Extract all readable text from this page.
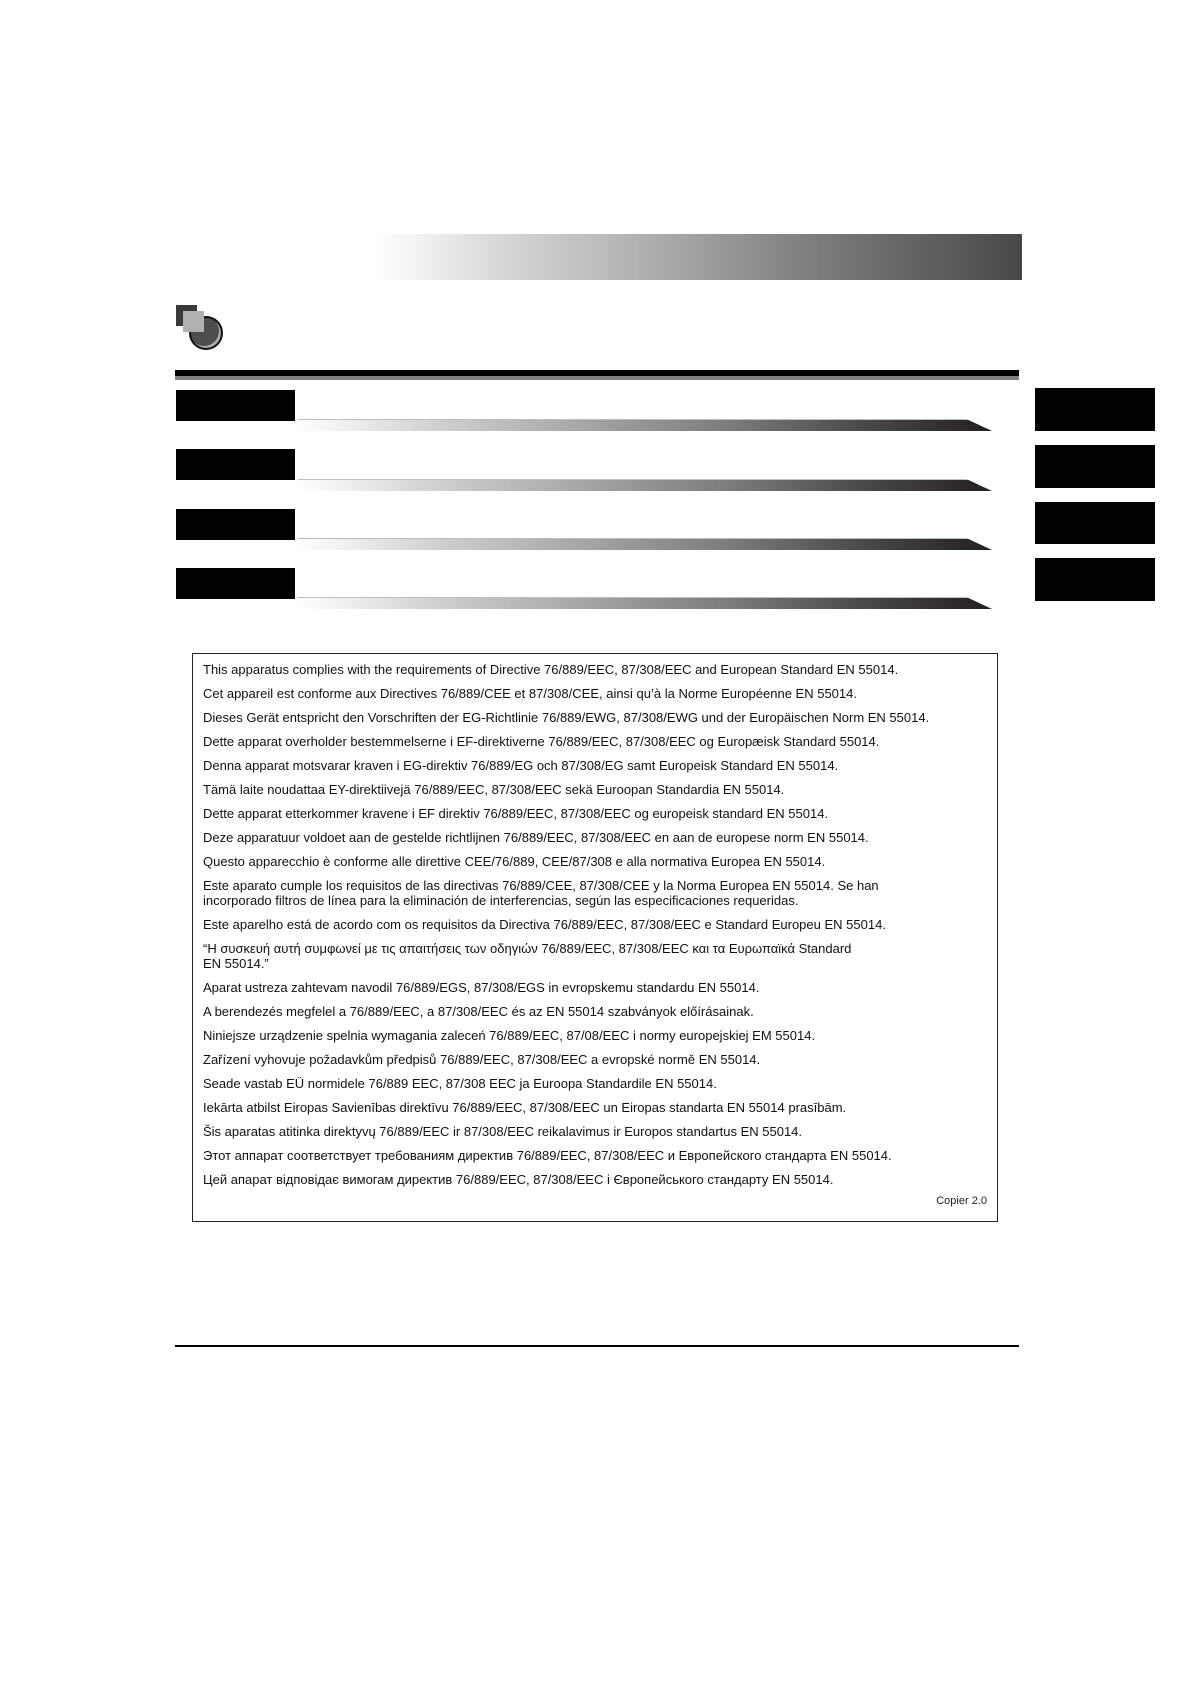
This apparatus complies with the requirements of Directive 76/889/EEC, 87/308/EEC and European Standard EN 55014.

Cet appareil est conforme aux Directives 76/889/CEE et 87/308/CEE, ainsi qu’à la Norme Européenne EN 55014.

Dieses Gerät entspricht den Vorschriften der EG-Richtlinie 76/889/EWG, 87/308/EWG und der Europäischen Norm EN 55014.

Dette apparat overholder bestemmelserne i EF-direktiverne 76/889/EEC, 87/308/EEC og Europæisk Standard 55014.

Denna apparat motsvarar kraven i EG-direktiv 76/889/EG och 87/308/EG samt Europeisk Standard EN 55014.

Tämä laite noudattaa EY-direktiivejä 76/889/EEC, 87/308/EEC sekä Euroopan Standardia EN 55014.

Dette apparat etterkommer kravene i EF direktiv 76/889/EEC, 87/308/EEC og europeisk standard EN 55014.

Deze apparatuur voldoet aan de gestelde richtlijnen 76/889/EEC, 87/308/EEC en aan de europese norm EN 55014.

Questo apparecchio è conforme alle direttive CEE/76/889, CEE/87/308 e alla normativa Europea EN 55014.

Este aparato cumple los requisitos de las directivas 76/889/CEE, 87/308/CEE y la Norma Europea EN 55014. Se han
incorporado filtros de línea para la eliminación de interferencias, según las especificaciones requeridas.

Este aparelho está de acordo com os requisitos da Directiva 76/889/EEC, 87/308/EEC e Standard Europeu EN 55014.

“Η συσκευή αυτή συμφωνεί με τις απαιτήσεις των οδηγιών 76/889/EEC, 87/308/EEC και τα Ευρωπαϊκά Standard
EN 55014.”

Aparat ustreza zahtevam navodil 76/889/EGS, 87/308/EGS in evropskemu standardu EN 55014.

A berendezés megfelel a 76/889/EEC, a 87/308/EEC és az EN 55014 szabványok előírásainak.

Niniejsze urządzenie spelnia wymagania zaleceń 76/889/EEC, 87/08/EEC i normy europejskiej EM 55014.

Zařízení vyhovuje požadavkům předpisů 76/889/EEC, 87/308/EEC a evropské normě EN 55014.

Seade vastab EÜ normidele 76/889 EEC, 87/308 EEC ja Euroopa Standardile EN 55014.

Iekārta atbilst Eiropas Savienības direktīvu 76/889/EEC, 87/308/EEC un Eiropas standarta EN 55014 prasībām.

Šis aparatas atitinka direktyvų 76/889/EEC ir 87/308/EEC reikalavimus ir Europos standartus EN 55014.

Этот аппарат соответствует требованиям директив 76/889/EEC, 87/308/EEC и Европейского стандарта EN 55014.

Цей апарат відповідає вимогам директив 76/889/EEC, 87/308/EEC і Європейського стандарту EN 55014.

Copier 2.0
